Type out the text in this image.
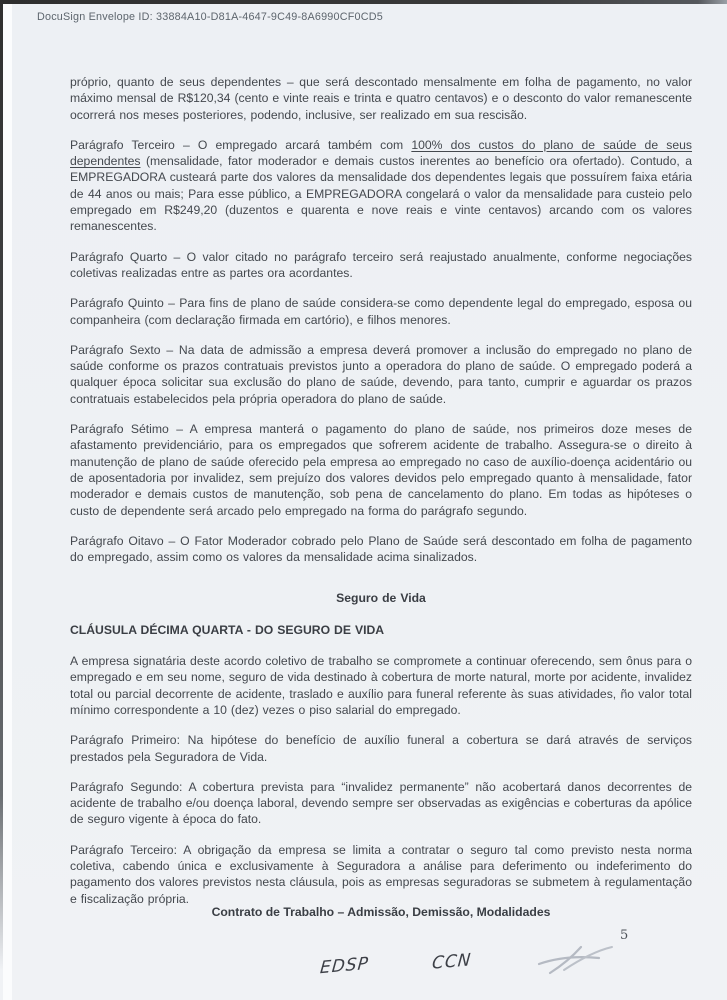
DocuSign Envelope ID: 33884A10-D81A-4647-9C49-8A6990CF0CD5

próprio, quanto de seus dependentes – que será descontado mensalmente em folha de pagamento, no valor máximo mensal de R$120,34 (cento e vinte reais e trinta e quatro centavos) e o desconto do valor remanescente ocorrerá nos meses posteriores, podendo, inclusive, ser realizado em sua rescisão.

Parágrafo Terceiro – O empregado arcará também com 100% dos custos do plano de saúde de seus dependentes (mensalidade, fator moderador e demais custos inerentes ao benefício ora ofertado). Contudo, a EMPREGADORA custeará parte dos valores da mensalidade dos dependentes legais que possuírem faixa etária de 44 anos ou mais; Para esse público, a EMPREGADORA congelará o valor da mensalidade para custeio pelo empregado em R$249,20 (duzentos e quarenta e nove reais e vinte centavos) arcando com os valores remanescentes.

Parágrafo Quarto – O valor citado no parágrafo terceiro será reajustado anualmente, conforme negociações coletivas realizadas entre as partes ora acordantes.

Parágrafo Quinto – Para fins de plano de saúde considera-se como dependente legal do empregado, esposa ou companheira (com declaração firmada em cartório), e filhos menores.

Parágrafo Sexto – Na data de admissão a empresa deverá promover a inclusão do empregado no plano de saúde conforme os prazos contratuais previstos junto a operadora do plano de saúde. O empregado poderá a qualquer época solicitar sua exclusão do plano de saúde, devendo, para tanto, cumprir e aguardar os prazos contratuais estabelecidos pela própria operadora do plano de saúde.

Parágrafo Sétimo – A empresa manterá o pagamento do plano de saúde, nos primeiros doze meses de afastamento previdenciário, para os empregados que sofrerem acidente de trabalho. Assegura-se o direito à manutenção de plano de saúde oferecido pela empresa ao empregado no caso de auxílio-doença acidentário ou de aposentadoria por invalidez, sem prejuízo dos valores devidos pelo empregado quanto à mensalidade, fator moderador e demais custos de manutenção, sob pena de cancelamento do plano. Em todas as hipóteses o custo de dependente será arcado pelo empregado na forma do parágrafo segundo.

Parágrafo Oitavo – O Fator Moderador cobrado pelo Plano de Saúde será descontado em folha de pagamento do empregado, assim como os valores da mensalidade acima sinalizados.

Seguro de Vida

CLÁUSULA DÉCIMA QUARTA - DO SEGURO DE VIDA

A empresa signatária deste acordo coletivo de trabalho se compromete a continuar oferecendo, sem ônus para o empregado e em seu nome, seguro de vida destinado à cobertura de morte natural, morte por acidente, invalidez total ou parcial decorrente de acidente, traslado e auxílio para funeral referente às suas atividades, ño valor total mínimo correspondente a 10 (dez) vezes o piso salarial do empregado.

Parágrafo Primeiro: Na hipótese do benefício de auxílio funeral a cobertura se dará através de serviços prestados pela Seguradora de Vida.

Parágrafo Segundo: A cobertura prevista para “invalidez permanente” não acobertará danos decorrentes de acidente de trabalho e/ou doença laboral, devendo sempre ser observadas as exigências e coberturas da apólice de seguro vigente à época do fato.

Parágrafo Terceiro: A obrigação da empresa se limita a contratar o seguro tal como previsto nesta norma coletiva, cabendo única e exclusivamente à Seguradora a análise para deferimento ou indeferimento do pagamento dos valores previstos nesta cláusula, pois as empresas seguradoras se submetem à regulamentação e fiscalização própria.

Contrato de Trabalho – Admissão, Demissão, Modalidades
5
EDSP	CCN
